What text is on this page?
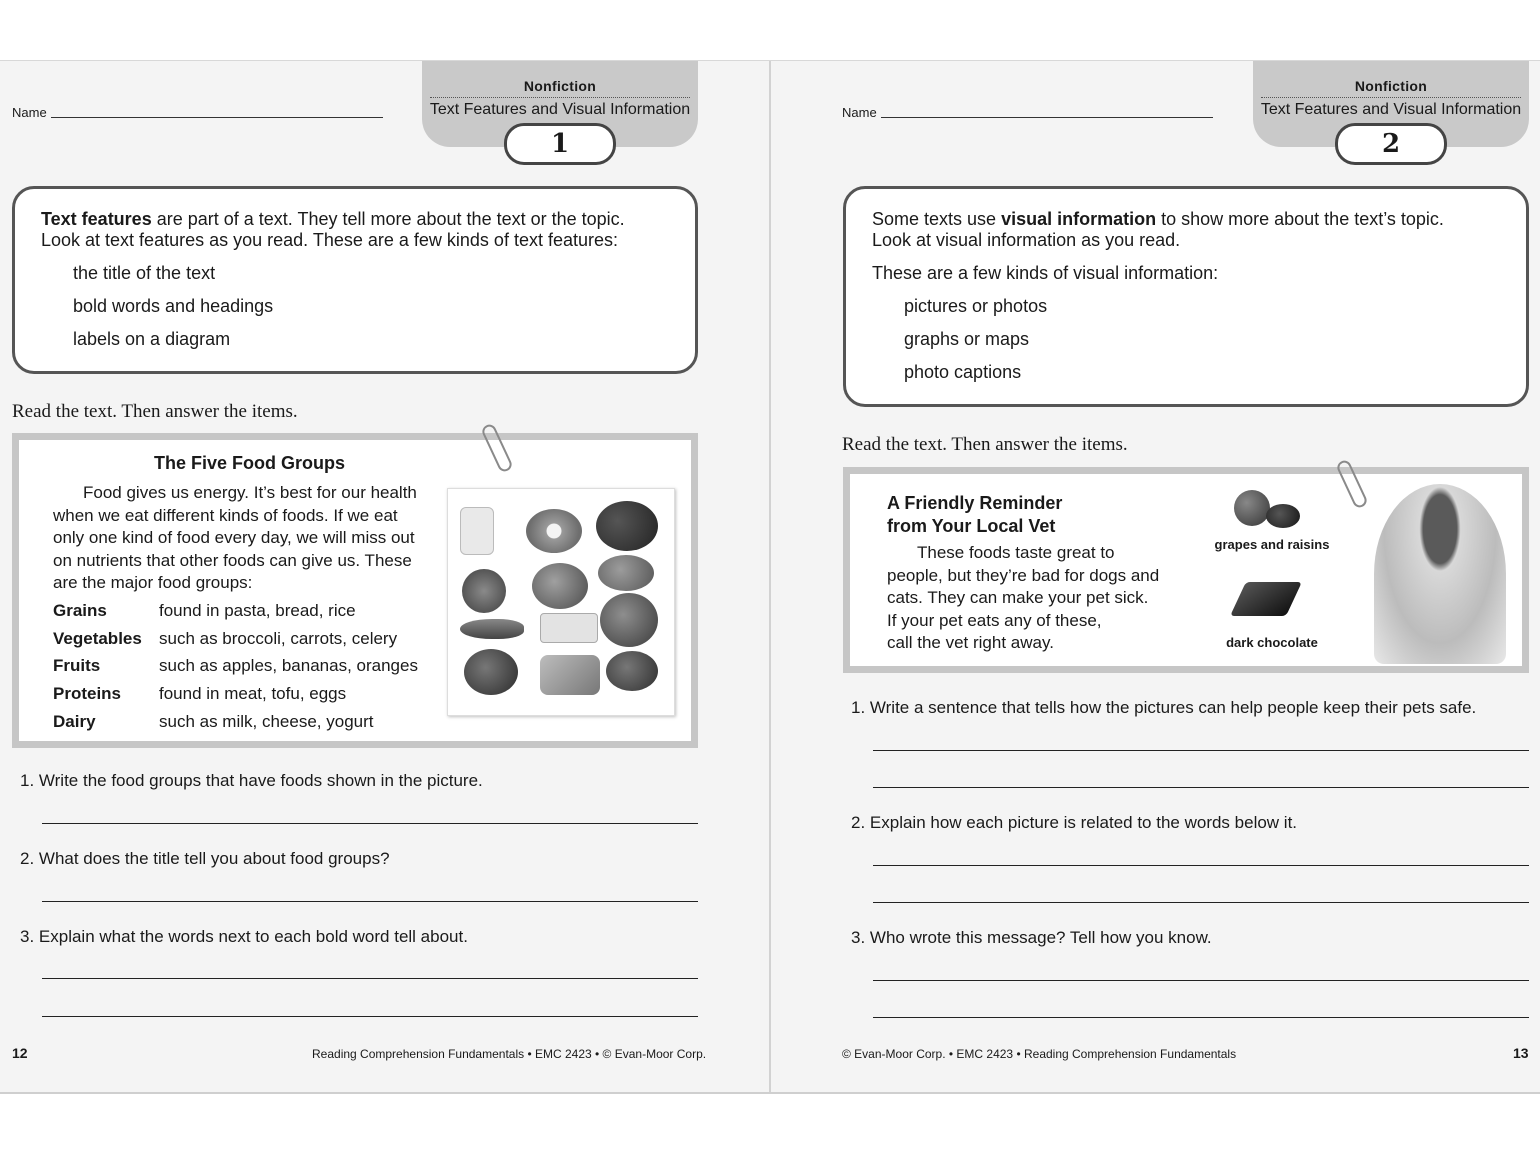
Name
Nonfiction
Text Features and Visual Information
1

Text features are part of a text. They tell more about the text or the topic.

Look at text features as you read. These are a few kinds of text features:

the title of the text

bold words and headings

labels on a diagram

Read the text. Then answer the items.
The Five Food Groups
Food gives us energy. It’s best for our health
when we eat different kinds of foods. If we eat
only one kind of food every day, we will miss out
on nutrients that other foods can give us. These
are the major food groups:
Grains	found in pasta, bread, rice
Vegetables	such as broccoli, carrots, celery
Fruits	such as apples, bananas, oranges
Proteins	found in meat, tofu, eggs
Dairy	such as milk, cheese, yogurt
1. Write the food groups that have foods shown in the picture.
2. What does the title tell you about food groups?
3. Explain what the words next to each bold word tell about.
12	Reading Comprehension Fundamentals • EMC 2423 • © Evan-Moor Corp.
Name
Nonfiction
Text Features and Visual Information
2

Some texts use visual information to show more about the text’s topic.

Look at visual information as you read.

These are a few kinds of visual information:

pictures or photos

graphs or maps

photo captions

Read the text. Then answer the items.
A Friendly Reminder
from Your Local Vet
These foods taste great to
people, but they’re bad for dogs and
cats. They can make your pet sick.
If your pet eats any of these,
call the vet right away.
grapes and raisins
dark chocolate
1. Write a sentence that tells how the pictures can help people keep their pets safe.
2. Explain how each picture is related to the words below it.
3. Who wrote this message? Tell how you know.
© Evan-Moor Corp. • EMC 2423 • Reading Comprehension Fundamentals	13
